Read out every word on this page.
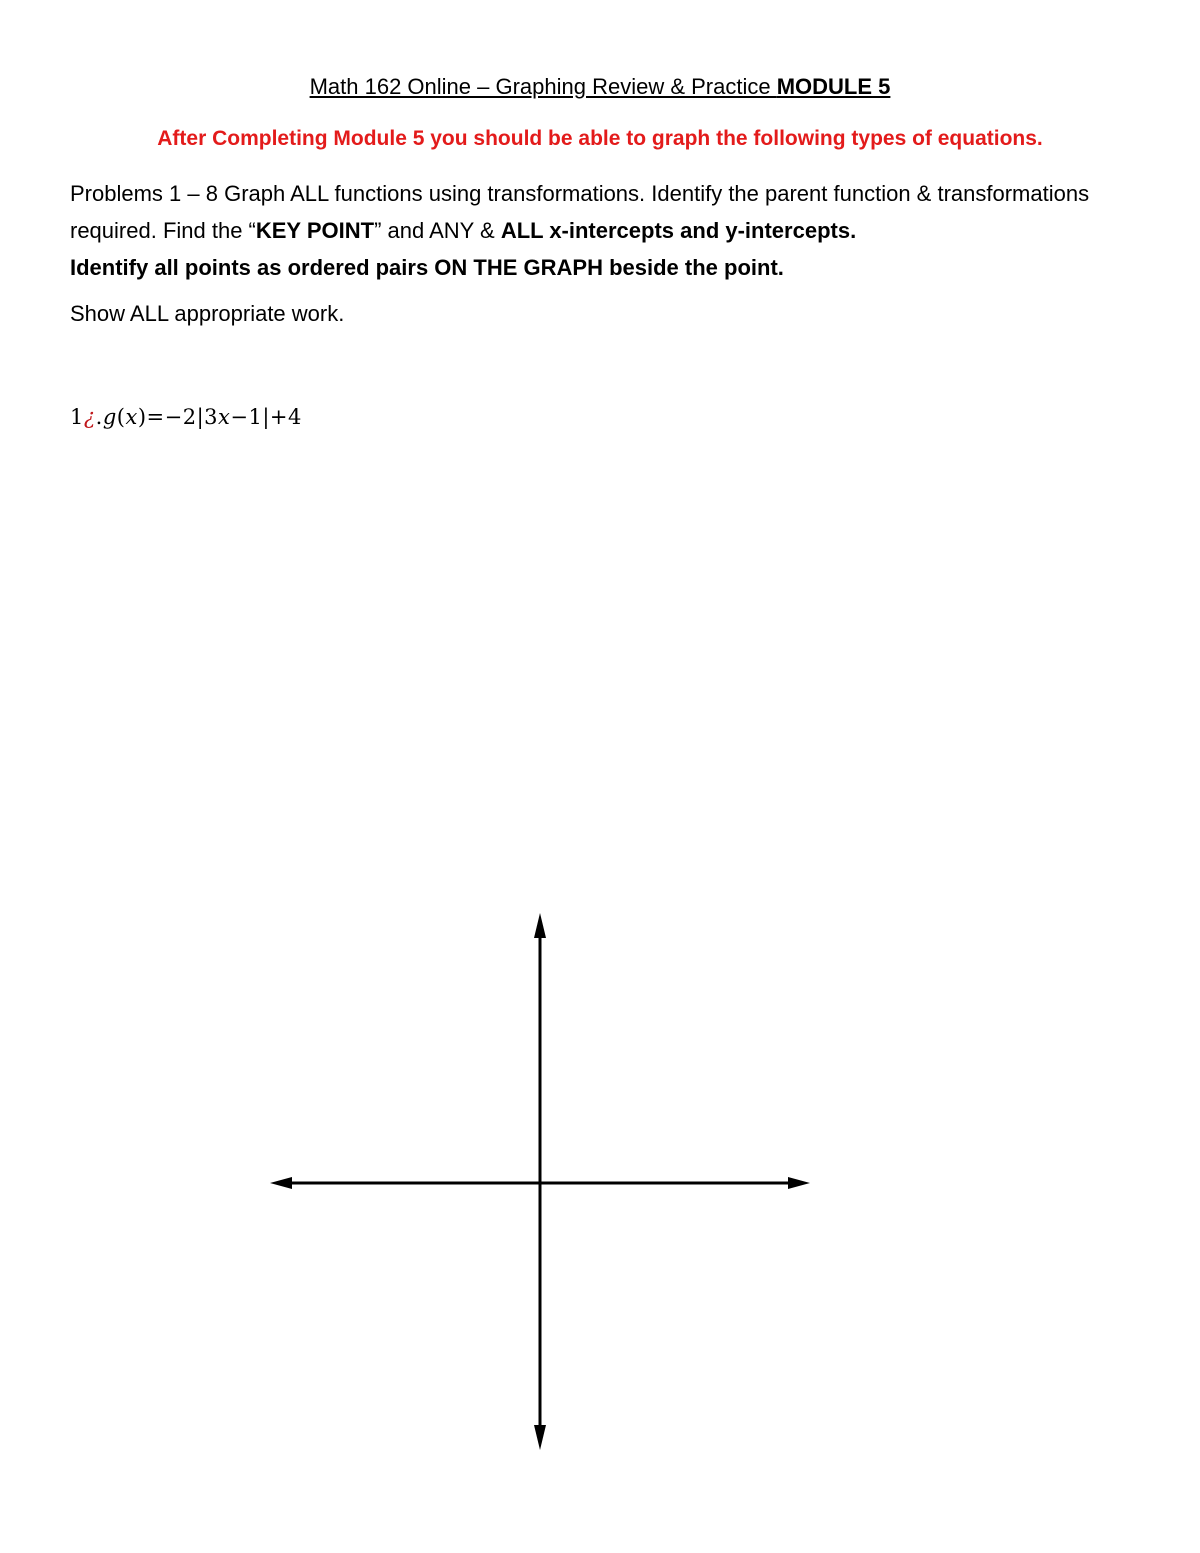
Math 162 Online – Graphing Review & Practice MODULE 5
After Completing Module 5 you should be able to graph the following types of equations.
Problems 1 – 8 Graph ALL functions using transformations. Identify the parent function & transformations required. Find the “KEY POINT” and ANY & ALL x-intercepts and y-intercepts.
Identify all points as ordered pairs ON THE GRAPH beside the point.
Show ALL appropriate work.
1¿.g(x)=−2|3x−1|+4
